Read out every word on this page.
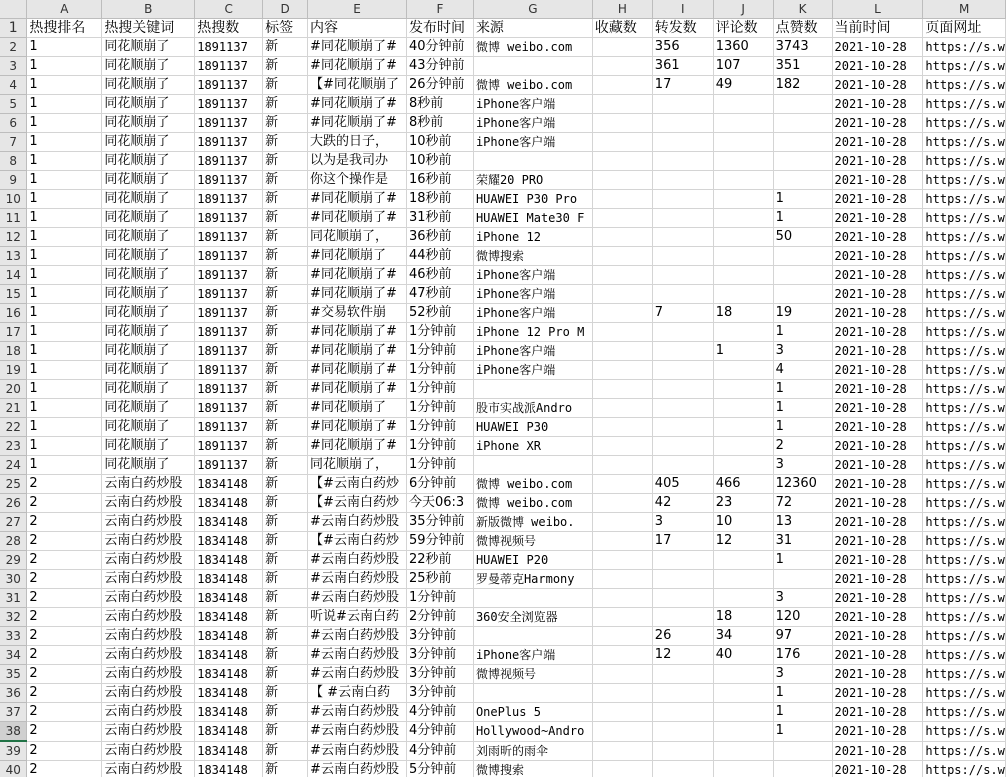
	A	B	C	D	E	F	G	H	I	J	K	L	M
1	热搜排名	热搜关键词	热搜数	标签	内容	发布时间	来源	收藏数	转发数	评论数	点赞数	当前时间	页面网址
2	1	同花顺崩了	1891137	新	#同花顺崩了#	40分钟前	微博 weibo.com		356	1360	3743	2021-10-28	https://s.w
3	1	同花顺崩了	1891137	新	#同花顺崩了#	43分钟前			361	107	351	2021-10-28	https://s.w
4	1	同花顺崩了	1891137	新	【#同花顺崩了	26分钟前	微博 weibo.com		17	49	182	2021-10-28	https://s.w
5	1	同花顺崩了	1891137	新	#同花顺崩了#	8秒前	iPhone客户端					2021-10-28	https://s.w
6	1	同花顺崩了	1891137	新	#同花顺崩了#	8秒前	iPhone客户端					2021-10-28	https://s.w
7	1	同花顺崩了	1891137	新	大跌的日子，	10秒前	iPhone客户端					2021-10-28	https://s.w
8	1	同花顺崩了	1891137	新	以为是我司办	10秒前						2021-10-28	https://s.w
9	1	同花顺崩了	1891137	新	你这个操作是	16秒前	荣耀20 PRO					2021-10-28	https://s.w
10	1	同花顺崩了	1891137	新	#同花顺崩了#	18秒前	HUAWEI P30 Pro				1	2021-10-28	https://s.w
11	1	同花顺崩了	1891137	新	#同花顺崩了#	31秒前	HUAWEI Mate30 F				1	2021-10-28	https://s.w
12	1	同花顺崩了	1891137	新	同花顺崩了，	36秒前	iPhone 12				50	2021-10-28	https://s.w
13	1	同花顺崩了	1891137	新	#同花顺崩了	44秒前	微博搜索					2021-10-28	https://s.w
14	1	同花顺崩了	1891137	新	#同花顺崩了#	46秒前	iPhone客户端					2021-10-28	https://s.w
15	1	同花顺崩了	1891137	新	#同花顺崩了#	47秒前	iPhone客户端					2021-10-28	https://s.w
16	1	同花顺崩了	1891137	新	#交易软件崩	52秒前	iPhone客户端		7	18	19	2021-10-28	https://s.w
17	1	同花顺崩了	1891137	新	#同花顺崩了#	1分钟前	iPhone 12 Pro M				1	2021-10-28	https://s.w
18	1	同花顺崩了	1891137	新	#同花顺崩了#	1分钟前	iPhone客户端			1	3	2021-10-28	https://s.w
19	1	同花顺崩了	1891137	新	#同花顺崩了#	1分钟前	iPhone客户端				4	2021-10-28	https://s.w
20	1	同花顺崩了	1891137	新	#同花顺崩了#	1分钟前					1	2021-10-28	https://s.w
21	1	同花顺崩了	1891137	新	#同花顺崩了	1分钟前	股市实战派Andro				1	2021-10-28	https://s.w
22	1	同花顺崩了	1891137	新	#同花顺崩了#	1分钟前	HUAWEI P30				1	2021-10-28	https://s.w
23	1	同花顺崩了	1891137	新	#同花顺崩了#	1分钟前	iPhone XR				2	2021-10-28	https://s.w
24	1	同花顺崩了	1891137	新	同花顺崩了，	1分钟前					3	2021-10-28	https://s.w
25	2	云南白药炒股	1834148	新	【#云南白药炒	6分钟前	微博 weibo.com		405	466	12360	2021-10-28	https://s.w
26	2	云南白药炒股	1834148	新	【#云南白药炒	今天06:3	微博 weibo.com		42	23	72	2021-10-28	https://s.w
27	2	云南白药炒股	1834148	新	#云南白药炒股	35分钟前	新版微博 weibo.		3	10	13	2021-10-28	https://s.w
28	2	云南白药炒股	1834148	新	【#云南白药炒	59分钟前	微博视频号		17	12	31	2021-10-28	https://s.w
29	2	云南白药炒股	1834148	新	#云南白药炒股	22秒前	HUAWEI P20				1	2021-10-28	https://s.w
30	2	云南白药炒股	1834148	新	#云南白药炒股	25秒前	罗曼蒂克Harmony					2021-10-28	https://s.w
31	2	云南白药炒股	1834148	新	#云南白药炒股	1分钟前					3	2021-10-28	https://s.w
32	2	云南白药炒股	1834148	新	听说#云南白药	2分钟前	360安全浏览器			18	120	2021-10-28	https://s.w
33	2	云南白药炒股	1834148	新	#云南白药炒股	3分钟前			26	34	97	2021-10-28	https://s.w
34	2	云南白药炒股	1834148	新	#云南白药炒股	3分钟前	iPhone客户端		12	40	176	2021-10-28	https://s.w
35	2	云南白药炒股	1834148	新	#云南白药炒股	3分钟前	微博视频号				3	2021-10-28	https://s.w
36	2	云南白药炒股	1834148	新	【 #云南白药	3分钟前					1	2021-10-28	https://s.w
37	2	云南白药炒股	1834148	新	#云南白药炒股	4分钟前	OnePlus 5				1	2021-10-28	https://s.w
38	2	云南白药炒股	1834148	新	#云南白药炒股	4分钟前	Hollywood~Andro				1	2021-10-28	https://s.w
39	2	云南白药炒股	1834148	新	#云南白药炒股	4分钟前	刘雨昕的雨伞					2021-10-28	https://s.w
40	2	云南白药炒股	1834148	新	#云南白药炒股	5分钟前	微博搜索					2021-10-28	https://s.w
